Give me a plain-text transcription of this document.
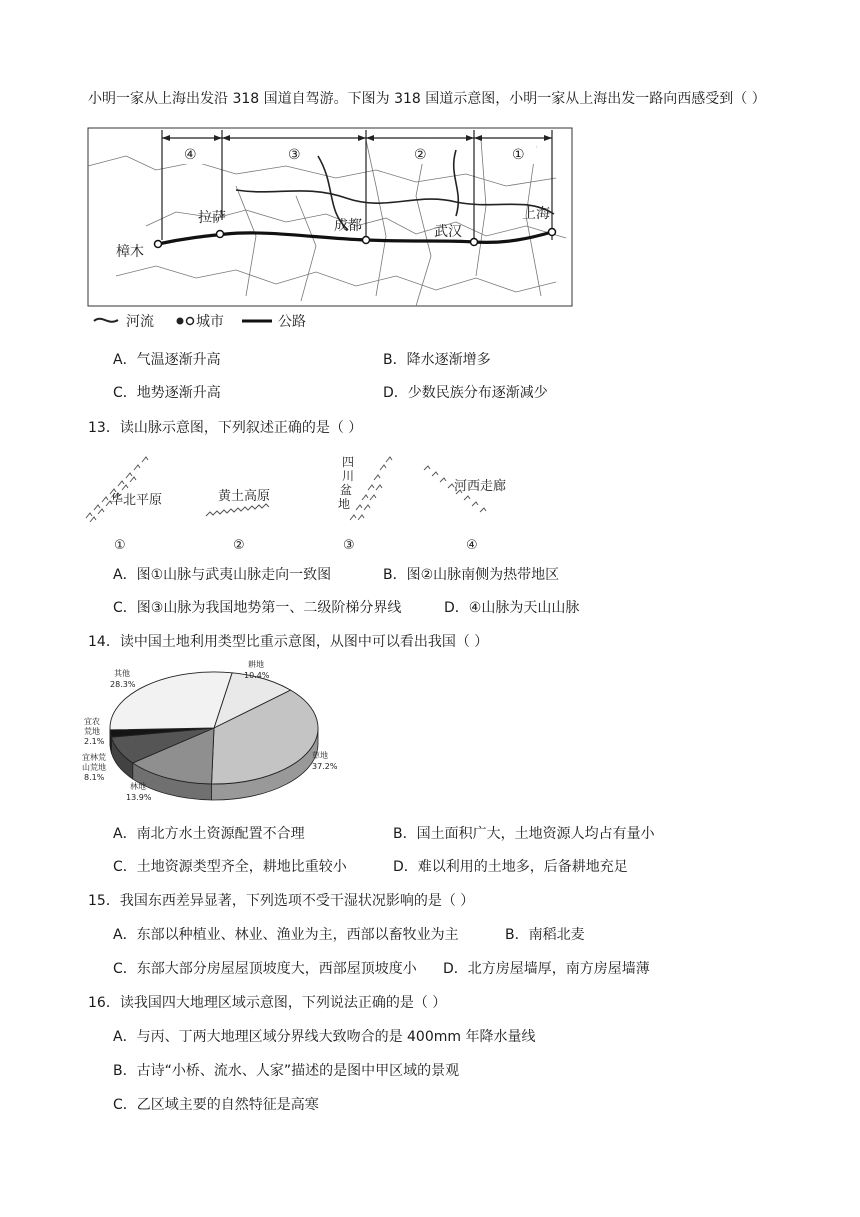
小明一家从上海出发沿 318 国道自驾游。下图为 318 国道示意图，小明一家从上海出发一路向西感受到（ ）
④	③	②	①
拉萨	成都	武汉
上海
樟木
河流	城市	公路
A．气温逐渐升高	B．降水逐渐增多
C．地势逐渐升高	D．少数民族分布逐渐减少
13．读山脉示意图，下列叙述正确的是（ ）
华北平原
①
黄土高原
②
四
川
盆
地
③
河西走廊
④
A．图①山脉与武夷山脉走向一致图	B．图②山脉南侧为热带地区
C．图③山脉为我国地势第一、二级阶梯分界线	D．④山脉为天山山脉
14．读中国土地利用类型比重示意图，从图中可以看出我国（ ）
耕地
10.4%
草地
37.2%
林地
13.9%
宜林荒
山荒地
8.1%
宜农
荒地
2.1%
其他
28.3%
A．南北方水土资源配置不合理	B．国土面积广大，土地资源人均占有量小
C．土地资源类型齐全，耕地比重较小	D．难以利用的土地多，后备耕地充足
15．我国东西差异显著，下列选项不受干湿状况影响的是（ ）
A．东部以种植业、林业、渔业为主，西部以畜牧业为主	B．南稻北麦
C．东部大部分房屋屋顶坡度大，西部屋顶坡度小 D．北方房屋墙厚，南方房屋墙薄
16．读我国四大地理区域示意图，下列说法正确的是（ ）
A．与丙、丁两大地理区域分界线大致吻合的是 400mm 年降水量线
B．古诗“小桥、流水、人家”描述的是图中甲区域的景观
C．乙区域主要的自然特征是高寒
